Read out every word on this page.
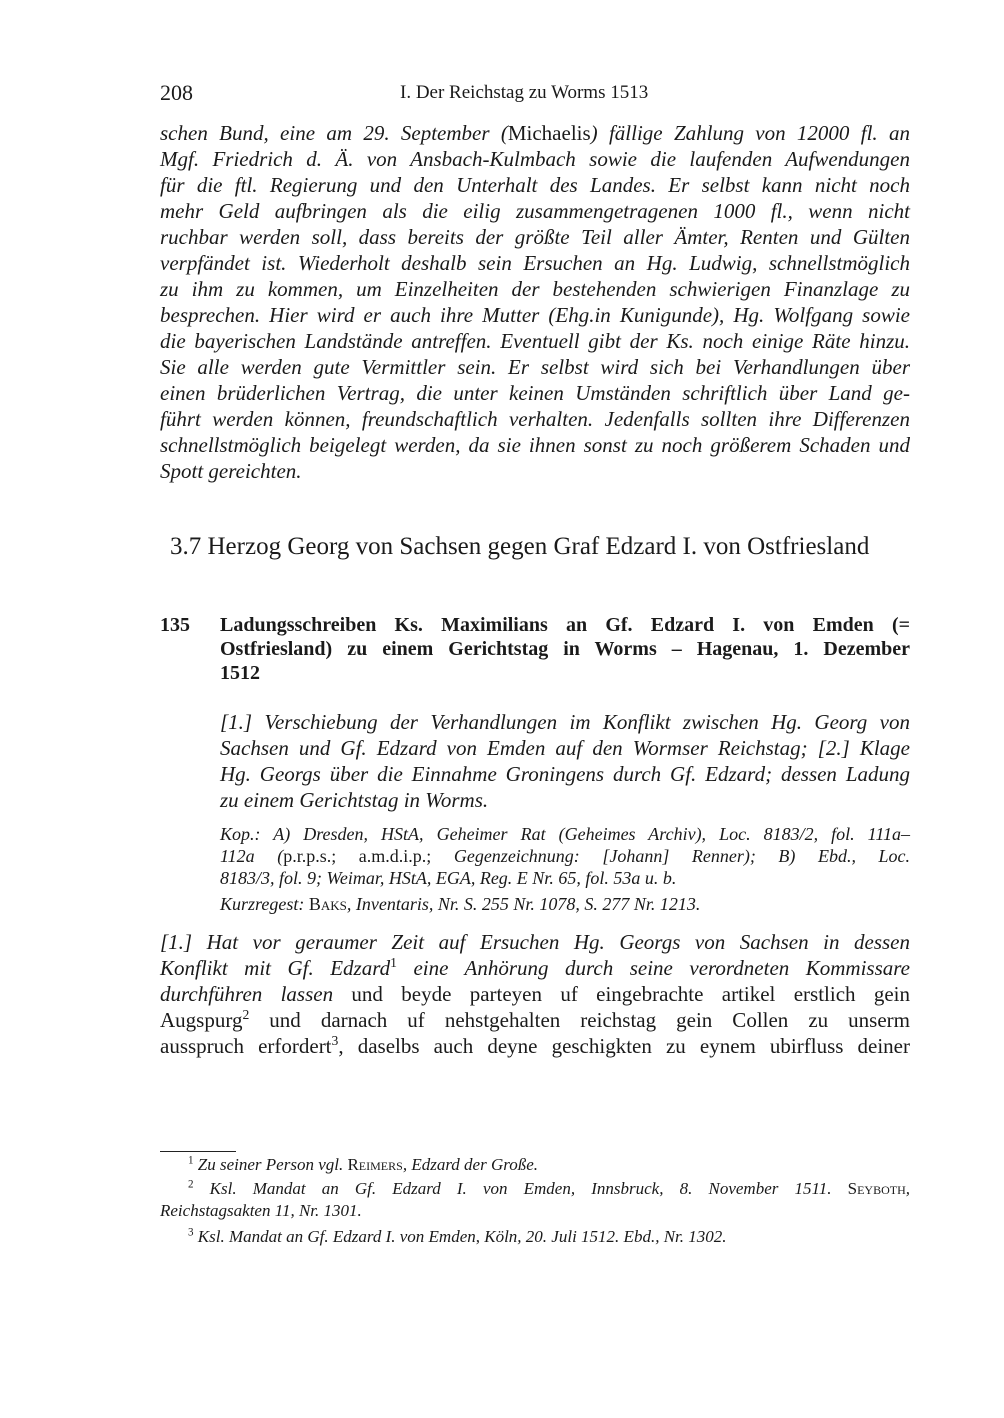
208	I. Der Reichstag zu Worms 1513
schen Bund, eine am 29. September (Michaelis) fällige Zahlung von 12000 fl. an
Mgf. Friedrich d. Ä. von Ansbach-Kulmbach sowie die laufenden Aufwendungen
für die ftl. Regierung und den Unterhalt des Landes. Er selbst kann nicht noch
mehr Geld aufbringen als die eilig zusammengetragenen 1000 fl., wenn nicht
ruchbar werden soll, dass bereits der größte Teil aller Ämter, Renten und Gülten
verpfändet ist. Wiederholt deshalb sein Ersuchen an Hg. Ludwig, schnellstmöglich
zu ihm zu kommen, um Einzelheiten der bestehenden schwierigen Finanzlage zu
besprechen. Hier wird er auch ihre Mutter (Ehg.in Kunigunde), Hg. Wolfgang sowie
die bayerischen Landstände antreffen. Eventuell gibt der Ks. noch einige Räte hinzu.
Sie alle werden gute Vermittler sein. Er selbst wird sich bei Verhandlungen über
einen brüderlichen Vertrag, die unter keinen Umständen schriftlich über Land ge-
führt werden können, freundschaftlich verhalten. Jedenfalls sollten ihre Differenzen
schnellstmöglich beigelegt werden, da sie ihnen sonst zu noch größerem Schaden und
Spott gereichten.
3.7 Herzog Georg von Sachsen gegen Graf Edzard I. von Ostfriesland
135 Ladungsschreiben Ks. Maximilians an Gf. Edzard I. von Emden (=
Ostfriesland) zu einem Gerichtstag in Worms – Hagenau, 1. Dezember
1512
[1.] Verschiebung der Verhandlungen im Konflikt zwischen Hg. Georg von
Sachsen und Gf. Edzard von Emden auf den Wormser Reichstag; [2.] Klage
Hg. Georgs über die Einnahme Groningens durch Gf. Edzard; dessen Ladung
zu einem Gerichtstag in Worms.
Kop.: A) Dresden, HStA, Geheimer Rat (Geheimes Archiv), Loc. 8183/2, fol. 111a–
112a (p.r.p.s.; a.m.d.i.p.; Gegenzeichnung: [Johann] Renner); B) Ebd., Loc.
8183/3, fol. 9; Weimar, HStA, EGA, Reg. E Nr. 65, fol. 53a u. b.
Kurzregest: Baks, Inventaris, Nr. S. 255 Nr. 1078, S. 277 Nr. 1213.
[1.] Hat vor geraumer Zeit auf Ersuchen Hg. Georgs von Sachsen in dessen
Konflikt mit Gf. Edzard$^1$ eine Anhörung durch seine verordneten Kommissare
durchführen lassen und beyde parteyen uf eingebrachte artikel erstlich gein
Augspurg$^2$ und darnach uf nehstgehalten reichstag gein Collen zu unserm
ausspruch erfordert$^3$, daselbs auch deyne geschigkten zu eynem ubirfluss deiner
$^1$ Zu seiner Person vgl. Reimers, Edzard der Große.
$^2$ Ksl. Mandat an Gf. Edzard I. von Emden, Innsbruck, 8. November 1511. Seyboth,
Reichstagsakten 11, Nr. 1301.
$^3$ Ksl. Mandat an Gf. Edzard I. von Emden, Köln, 20. Juli 1512. Ebd., Nr. 1302.
